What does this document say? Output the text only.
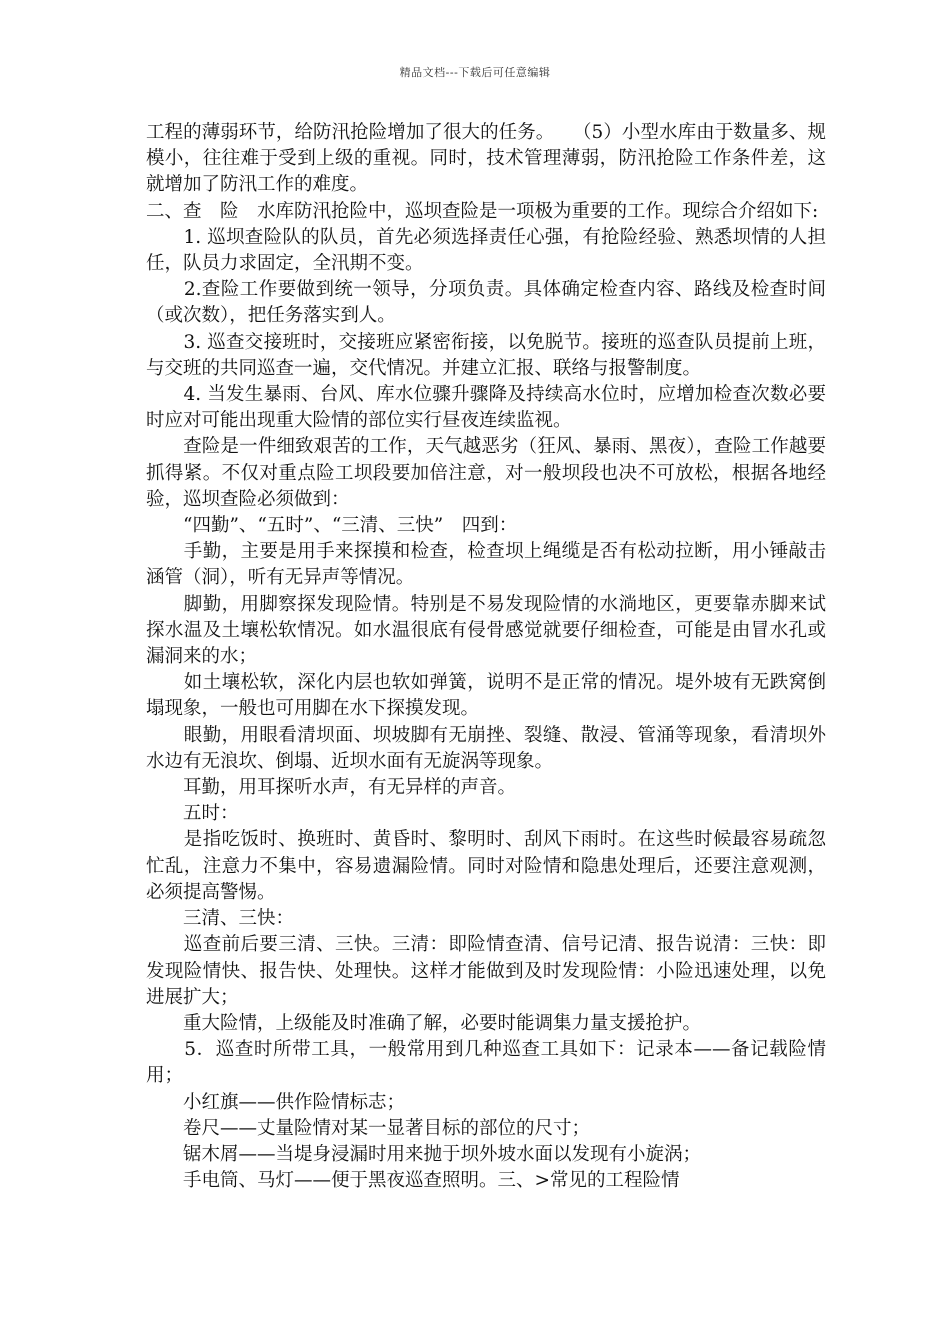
精品文档---下载后可任意编辑

工程的薄弱环节，给防汛抢险增加了很大的任务。　　（5）小型水库由于数量多、规模小，往往难于受到上级的重视。同时，技术管理薄弱，防汛抢险工作条件差，这就增加了防汛工作的难度。

二、查　险　水库防汛抢险中，巡坝查险是一项极为重要的工作。现综合介绍如下:

　　1. 巡坝查险队的队员，首先必须选择责任心强，有抢险经验、熟悉坝情的人担任，队员力求固定，全汛期不变。

　　2.查险工作要做到统一领导，分项负责。具体确定检查内容、路线及检查时间（或次数），把任务落实到人。

　　3. 巡查交接班时，交接班应紧密衔接，以免脱节。接班的巡查队员提前上班，与交班的共同巡查一遍，交代情况。并建立汇报、联络与报警制度。

　　4. 当发生暴雨、台风、库水位骤升骤降及持续高水位时，应增加检查次数必要时应对可能出现重大险情的部位实行昼夜连续监视。

　　查险是一件细致艰苦的工作，天气越恶劣（狂风、暴雨、黑夜），查险工作越要抓得紧。不仅对重点险工坝段要加倍注意，对一般坝段也决不可放松，根据各地经验，巡坝查险必须做到：

　　“四勤”、“五时”、“三清、三快”　四到：

　　手勤，主要是用手来探摸和检查，检查坝上绳缆是否有松动拉断，用小锤敲击涵管（洞），听有无异声等情况。

　　脚勤，用脚察探发现险情。特别是不易发现险情的水淌地区，更要靠赤脚来试探水温及土壤松软情况。如水温很底有侵骨感觉就要仔细检查，可能是由冒水孔或漏洞来的水；

　　如土壤松软，深化内层也软如弹簧，说明不是正常的情况。堤外坡有无跌窝倒塌现象，一般也可用脚在水下探摸发现。

　　眼勤，用眼看清坝面、坝坡脚有无崩挫、裂缝、散浸、管涌等现象，看清坝外水边有无浪坎、倒塌、近坝水面有无旋涡等现象。

　　耳勤，用耳探听水声，有无异样的声音。

　　五时：

　　是指吃饭时、换班时、黄昏时、黎明时、刮风下雨时。在这些时候最容易疏忽忙乱，注意力不集中，容易遗漏险情。同时对险情和隐患处理后，还要注意观测，必须提高警惕。

　　三清、三快：

　　巡查前后要三清、三快。三清：即险情查清、信号记清、报告说清：三快：即发现险情快、报告快、处理快。这样才能做到及时发现险情：小险迅速处理，以免进展扩大；

　　重大险情，上级能及时准确了解，必要时能调集力量支援抢护。

　　5．巡查时所带工具，一般常用到几种巡查工具如下：记录本——备记载险情用；

　　小红旗——供作险情标志；

　　卷尺——丈量险情对某一显著目标的部位的尺寸；

　　锯木屑——当堤身浸漏时用来抛于坝外坡水面以发现有小旋涡；

　　手电筒、马灯——便于黑夜巡查照明。三、>常见的工程险情
